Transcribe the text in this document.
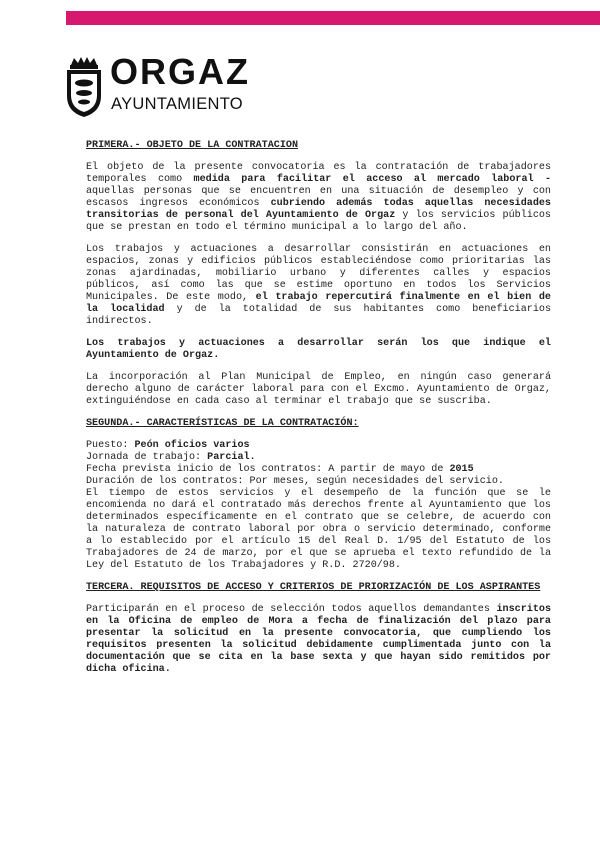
ORGAZ
AYUNTAMIENTO
PRIMERA.- OBJETO DE LA CONTRATACION

El objeto de la presente convocatoria es la contratación de trabajadores temporales como medida para facilitar el acceso al mercado laboral - aquellas personas que se encuentren en una situación de desempleo y con escasos ingresos económicos cubriendo además todas aquellas necesidades transitorias de personal del Ayuntamiento de Orgaz y los servicios públicos que se prestan en todo el término municipal a lo largo del año.

Los trabajos y actuaciones a desarrollar consistirán en actuaciones en espacios, zonas y edificios públicos estableciéndose como prioritarias las zonas ajardinadas, mobiliario urbano y diferentes calles y espacios públicos, así como las que se estime oportuno en todos los Servicios Municipales. De este modo, el trabajo repercutirá finalmente en el bien de la localidad y de la totalidad de sus habitantes como beneficiarios indirectos.

Los trabajos y actuaciones a desarrollar serán los que indique el Ayuntamiento de Orgaz.

La incorporación al Plan Municipal de Empleo, en ningún caso generará derecho alguno de carácter laboral para con el Excmo. Ayuntamiento de Orgaz, extinguiéndose en cada caso al terminar el trabajo que se suscriba.

SEGUNDA.- CARACTERÍSTICAS DE LA CONTRATACIÓN:

Puesto: Peón oficios varios

Jornada de trabajo: Parcial.

Fecha prevista inicio de los contratos: A partir de mayo de 2015

Duración de los contratos: Por meses, según necesidades del servicio.

El tiempo de estos servicios y el desempeño de la función que se le encomienda no dará el contratado más derechos frente al Ayuntamiento que los determinados específicamente en el contrato que se celebre, de acuerdo con la naturaleza de contrato laboral por obra o servicio determinado, conforme a lo establecido por el artículo 15 del Real D. 1/95 del Estatuto de los Trabajadores de 24 de marzo, por el que se aprueba el texto refundido de la Ley del Estatuto de los Trabajadores y R.D. 2720/98.

TERCERA. REQUISITOS DE ACCESO Y CRITERIOS DE PRIORIZACIÓN DE LOS ASPIRANTES

Participarán en el proceso de selección todos aquellos demandantes inscritos en la Oficina de empleo de Mora a fecha de finalización del plazo para presentar la solicitud en la presente convocatoria, que cumpliendo los requisitos presenten la solicitud debidamente cumplimentada junto con la documentación que se cita en la base sexta y que hayan sido remitidos por dicha oficina.
